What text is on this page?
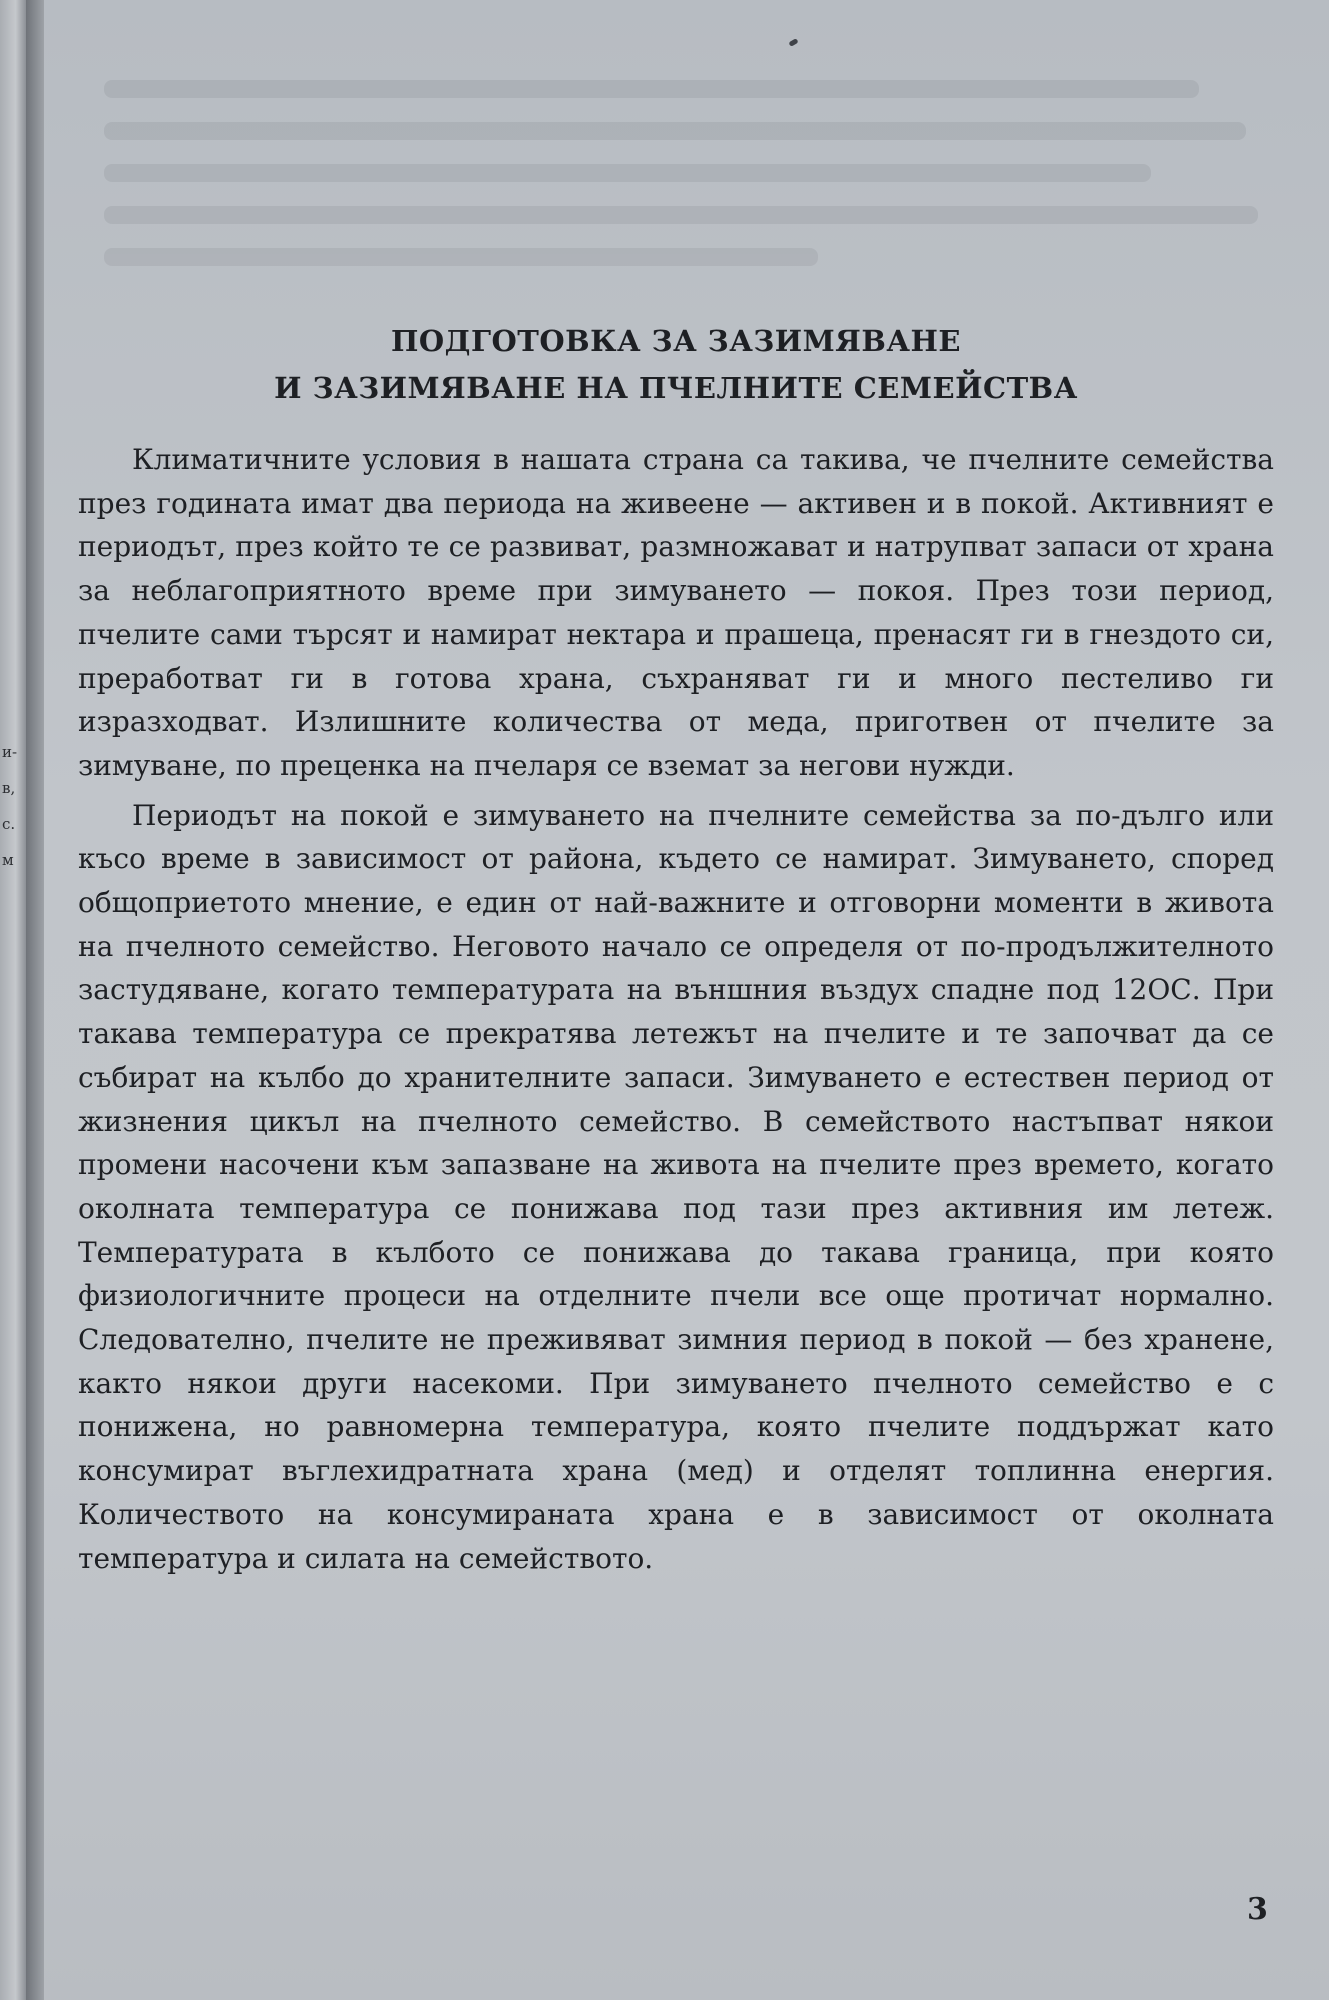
и-
в,
с.
м
ПОДГОТОВКА ЗА ЗАЗИМЯВАНЕ
И ЗАЗИМЯВАНЕ НА ПЧЕЛНИТЕ СЕМЕЙСТВА

Климатичните условия в нашата страна са такива, че пчелните семейства през годината имат два периода на живеене — активен и в покой. Активният е периодът, през който те се развиват, размножават и натрупват запаси от храна за неблагоприятното време при зимуването — покоя. През този период, пчелите сами търсят и намират нектара и прашеца, пренасят ги в гнездото си, преработват ги в готова храна, съхраняват ги и много пестеливо ги изразходват. Излишните количества от меда, приготвен от пчелите за зимуване, по преценка на пчеларя се вземат за негови нужди.

Периодът на покой е зимуването на пчелните семейства за по-дълго или късо време в зависимост от района, където се намират. Зимуването, според общоприетото мнение, е един от най-важните и отговорни моменти в живота на пчелното семейство. Неговото начало се определя от по-продължителното застудяване, когато температурата на външния въздух спадне под 12ОС. При такава температура се прекратява летежът на пчелите и те започват да се събират на кълбо до хранителните запаси. Зимуването е естествен период от жизнения цикъл на пчелното семейство. В семейството настъпват някои промени насочени към запазване на живота на пчелите през времето, когато околната температура се понижава под тази през активния им летеж. Температурата в кълбото се понижава до такава граница, при която физиологичните процеси на отделните пчели все още протичат нормално. Следователно, пчелите не преживяват зимния период в покой — без хранене, както някои други насекоми. При зимуването пчелното семейство е с понижена, но равномерна температура, която пчелите поддържат като консумират въглехидратната храна (мед) и отделят топлинна енергия. Количеството на консумираната храна е в зависимост от околната температура и силата на семейството.

3
